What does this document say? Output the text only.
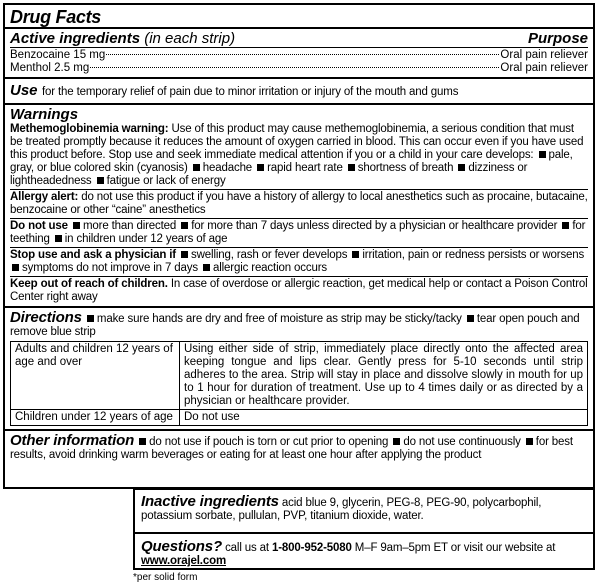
Drug Facts
Active ingredients (in each strip)	Purpose
Benzocaine 15 mg	Oral pain reliever
Menthol 2.5 mg	Oral pain reliever
Use for the temporary relief of pain due to minor irritation or injury of the mouth and gums
Warnings
Methemoglobinemia warning: Use of this product may cause methemoglobinemia, a serious condition that must be treated promptly because it reduces the amount of oxygen carried in blood. This can occur even if you have used this product before. Stop use and seek immediate medical attention if you or a child in your care develops: pale, gray, or blue colored skin (cyanosis) headache rapid heart rate shortness of breath dizziness or lightheadedness fatigue or lack of energy
Allergy alert: do not use this product if you have a history of allergy to local anesthetics such as procaine, butacaine, benzocaine or other “caine” anesthetics
Do not use more than directed for more than 7 days unless directed by a physician or healthcare provider for teething in children under 12 years of age
Stop use and ask a physician if swelling, rash or fever develops irritation, pain or redness persists or worsens symptoms do not improve in 7 days allergic reaction occurs
Keep out of reach of children. In case of overdose or allergic reaction, get medical help or contact a Poison Control Center right away
Directions make sure hands are dry and free of moisture as strip may be sticky/tacky tear open pouch and remove blue strip
Adults and children 12 years of age and over	Using either side of strip, immediately place directly onto the affected area keeping tongue and lips clear. Gently press for 5-10 seconds until strip adheres to the area. Strip will stay in place and dissolve slowly in mouth for up to 1 hour for duration of treatment. Use up to 4 times daily or as directed by a physician or healthcare provider.
Children under 12 years of age	Do not use
Other information do not use if pouch is torn or cut prior to opening do not use continuously for best results, avoid drinking warm beverages or eating for at least one hour after applying the product
Inactive ingredients acid blue 9, glycerin, PEG-8, PEG-90, polycarbophil, potassium sorbate, pullulan, PVP, titanium dioxide, water.
Questions? call us at 1-800-952-5080 M–F 9am–5pm ET or visit our website at www.orajel.com
*per solid form
